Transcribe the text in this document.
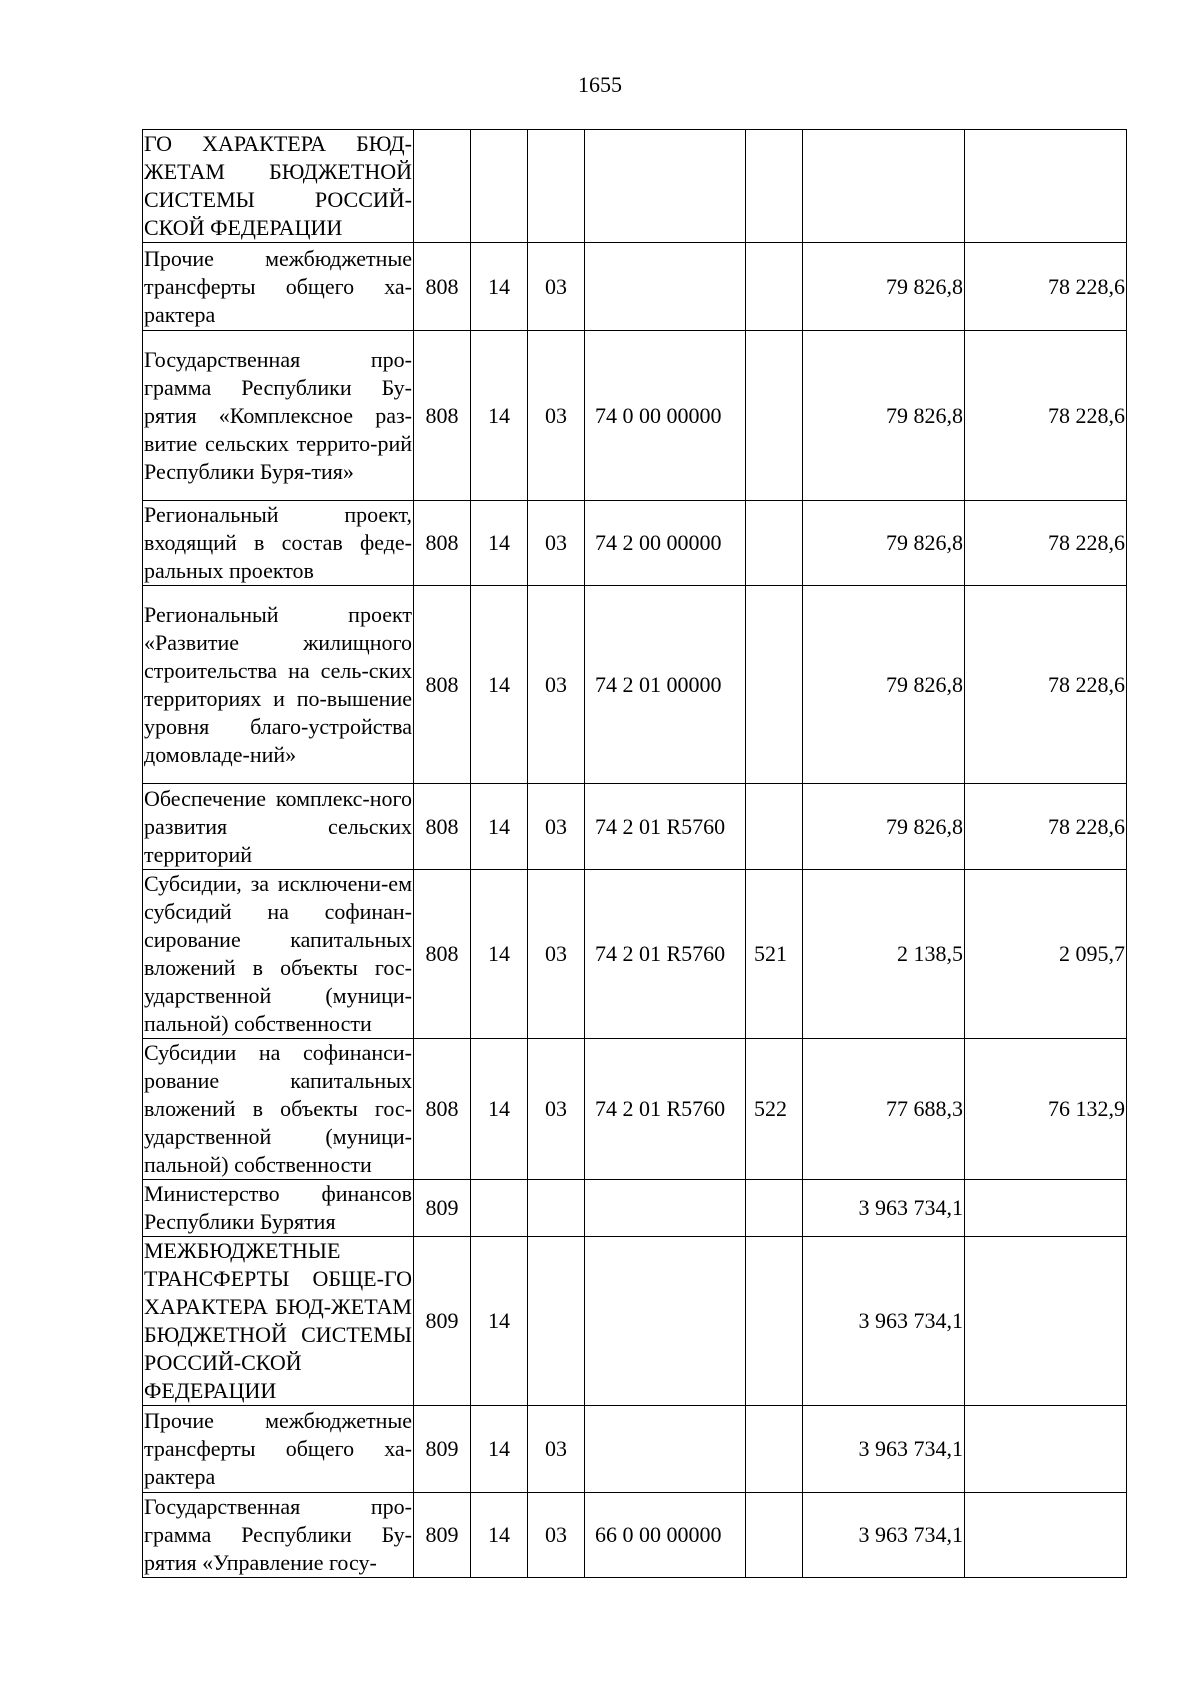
1655
ГО ХАРАКТЕРА БЮД-ЖЕТАМ БЮДЖЕТНОЙ СИСТЕМЫ РОССИЙ-СКОЙ ФЕДЕРАЦИИ							
Прочие межбюджетные трансферты общего ха-рактера	808	14	03			79 826,8	78 228,6
Государственная про-грамма Республики Бу-рятия «Комплексное раз-витие сельских террито-рий Республики Буря-тия»	808	14	03	74 0 00 00000		79 826,8	78 228,6
Региональный проект, входящий в состав феде-ральных проектов	808	14	03	74 2 00 00000		79 826,8	78 228,6
Региональный проект «Развитие жилищного строительства на сель-ских территориях и по-вышение уровня благо-устройства домовладе-ний»	808	14	03	74 2 01 00000		79 826,8	78 228,6
Обеспечение комплекс-ного развития сельских территорий	808	14	03	74 2 01 R5760		79 826,8	78 228,6
Субсидии, за исключени-ем субсидий на софинан-сирование капитальных вложений в объекты гос-ударственной (муници-пальной) собственности	808	14	03	74 2 01 R5760	521	2 138,5	2 095,7
Субсидии на софинанси-рование капитальных вложений в объекты гос-ударственной (муници-пальной) собственности	808	14	03	74 2 01 R5760	522	77 688,3	76 132,9
Министерство финансов Республики Бурятия	809					3 963 734,1	
МЕЖБЮДЖЕТНЫЕ ТРАНСФЕРТЫ ОБЩЕ-ГО ХАРАКТЕРА БЮД-ЖЕТАМ БЮДЖЕТНОЙ СИСТЕМЫ РОССИЙ-СКОЙ ФЕДЕРАЦИИ	809	14				3 963 734,1	
Прочие межбюджетные трансферты общего ха-рактера	809	14	03			3 963 734,1	
Государственная про-грамма Республики Бу-рятия «Управление госу-	809	14	03	66 0 00 00000		3 963 734,1	
